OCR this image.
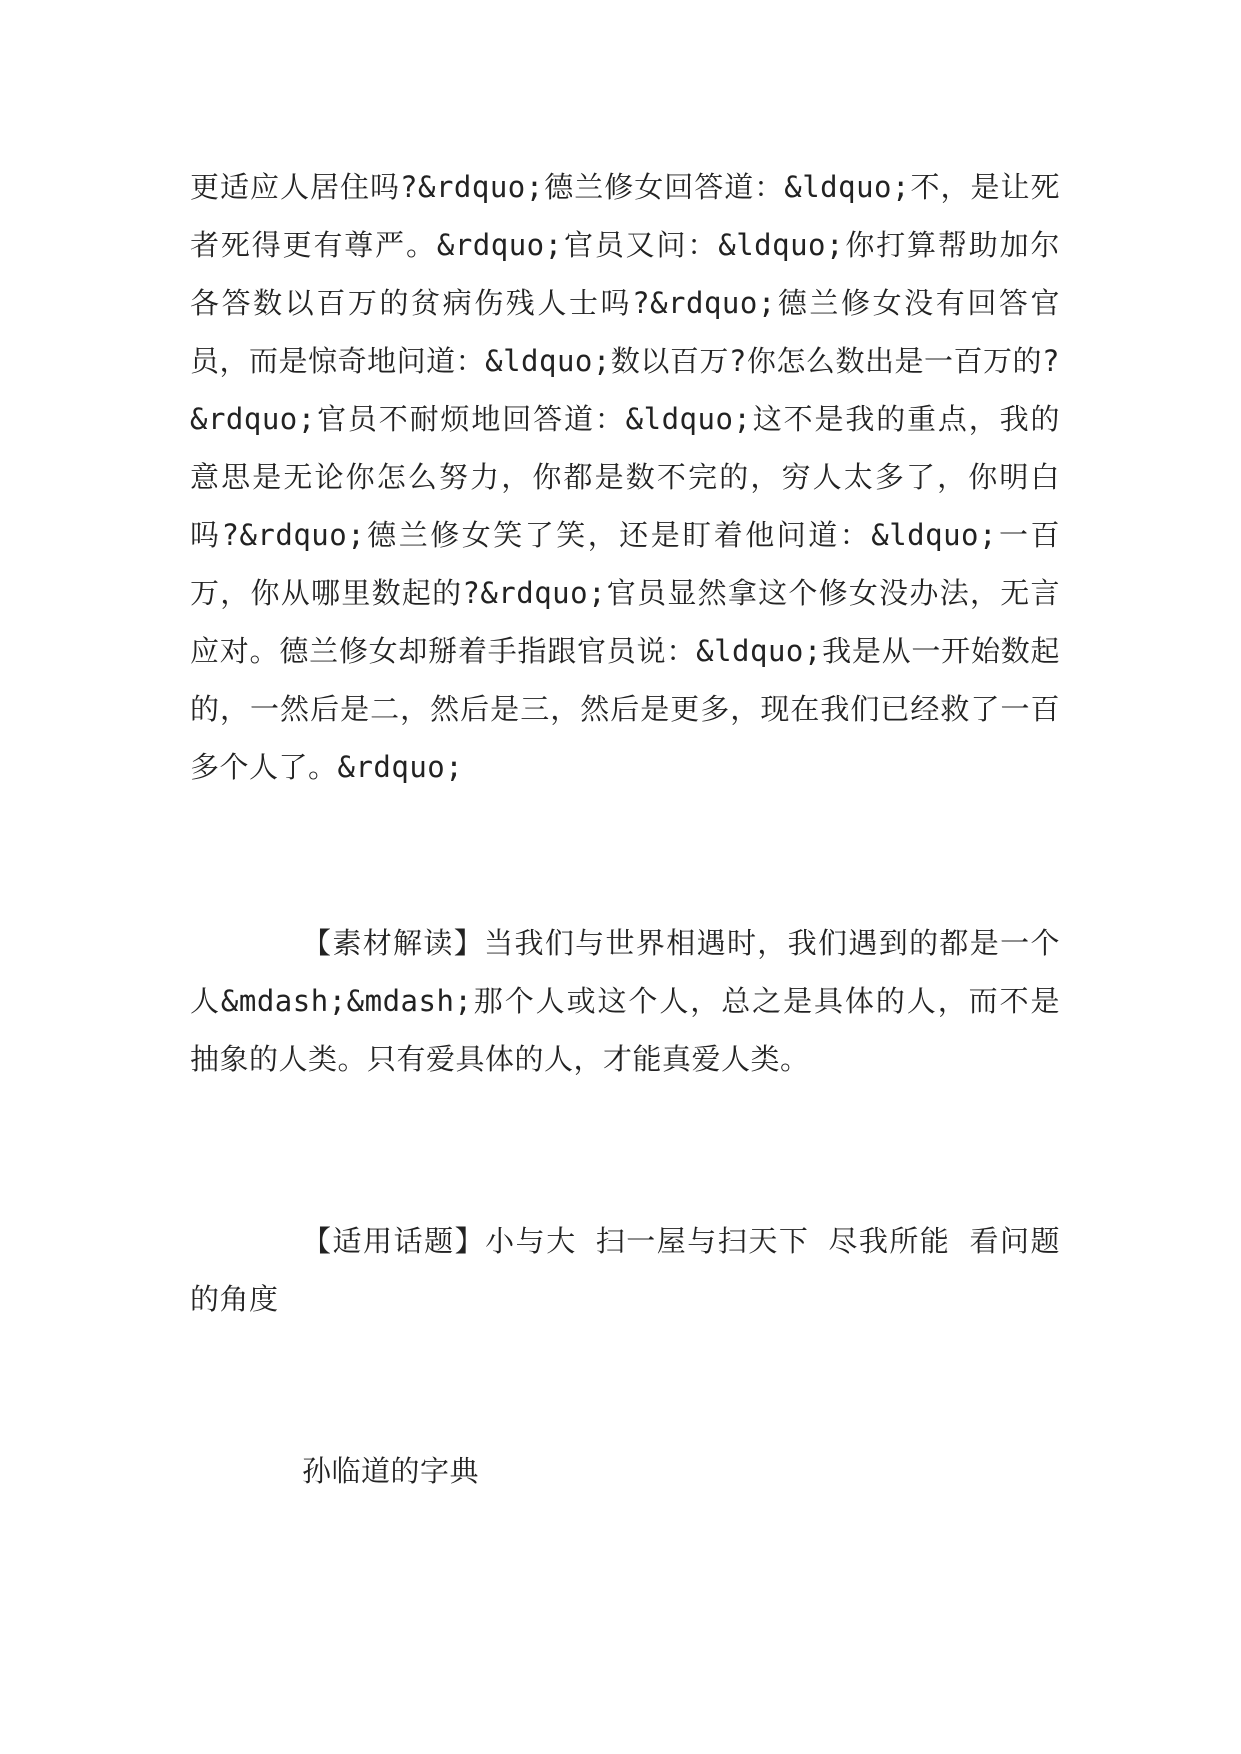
更适应人居住吗?&rdquo;德兰修女回答道：&ldquo;不，是让死者死得更有尊严。&rdquo;官员又问：&ldquo;你打算帮助加尔各答数以百万的贫病伤残人士吗?&rdquo;德兰修女没有回答官员，而是惊奇地问道：&ldquo;数以百万?你怎么数出是一百万的?&rdquo;官员不耐烦地回答道：&ldquo;这不是我的重点，我的意思是无论你怎么努力，你都是数不完的，穷人太多了，你明白吗?&rdquo;德兰修女笑了笑，还是盯着他问道：&ldquo;一百万，你从哪里数起的?&rdquo;官员显然拿这个修女没办法，无言应对。德兰修女却掰着手指跟官员说：&ldquo;我是从一开始数起的，一然后是二，然后是三，然后是更多，现在我们已经救了一百多个人了。&rdquo;

【素材解读】当我们与世界相遇时，我们遇到的都是一个人&mdash;&mdash;那个人或这个人，总之是具体的人，而不是抽象的人类。只有爱具体的人，才能真爱人类。

【适用话题】小与大 扫一屋与扫天下 尽我所能 看问题的角度

孙临道的字典
